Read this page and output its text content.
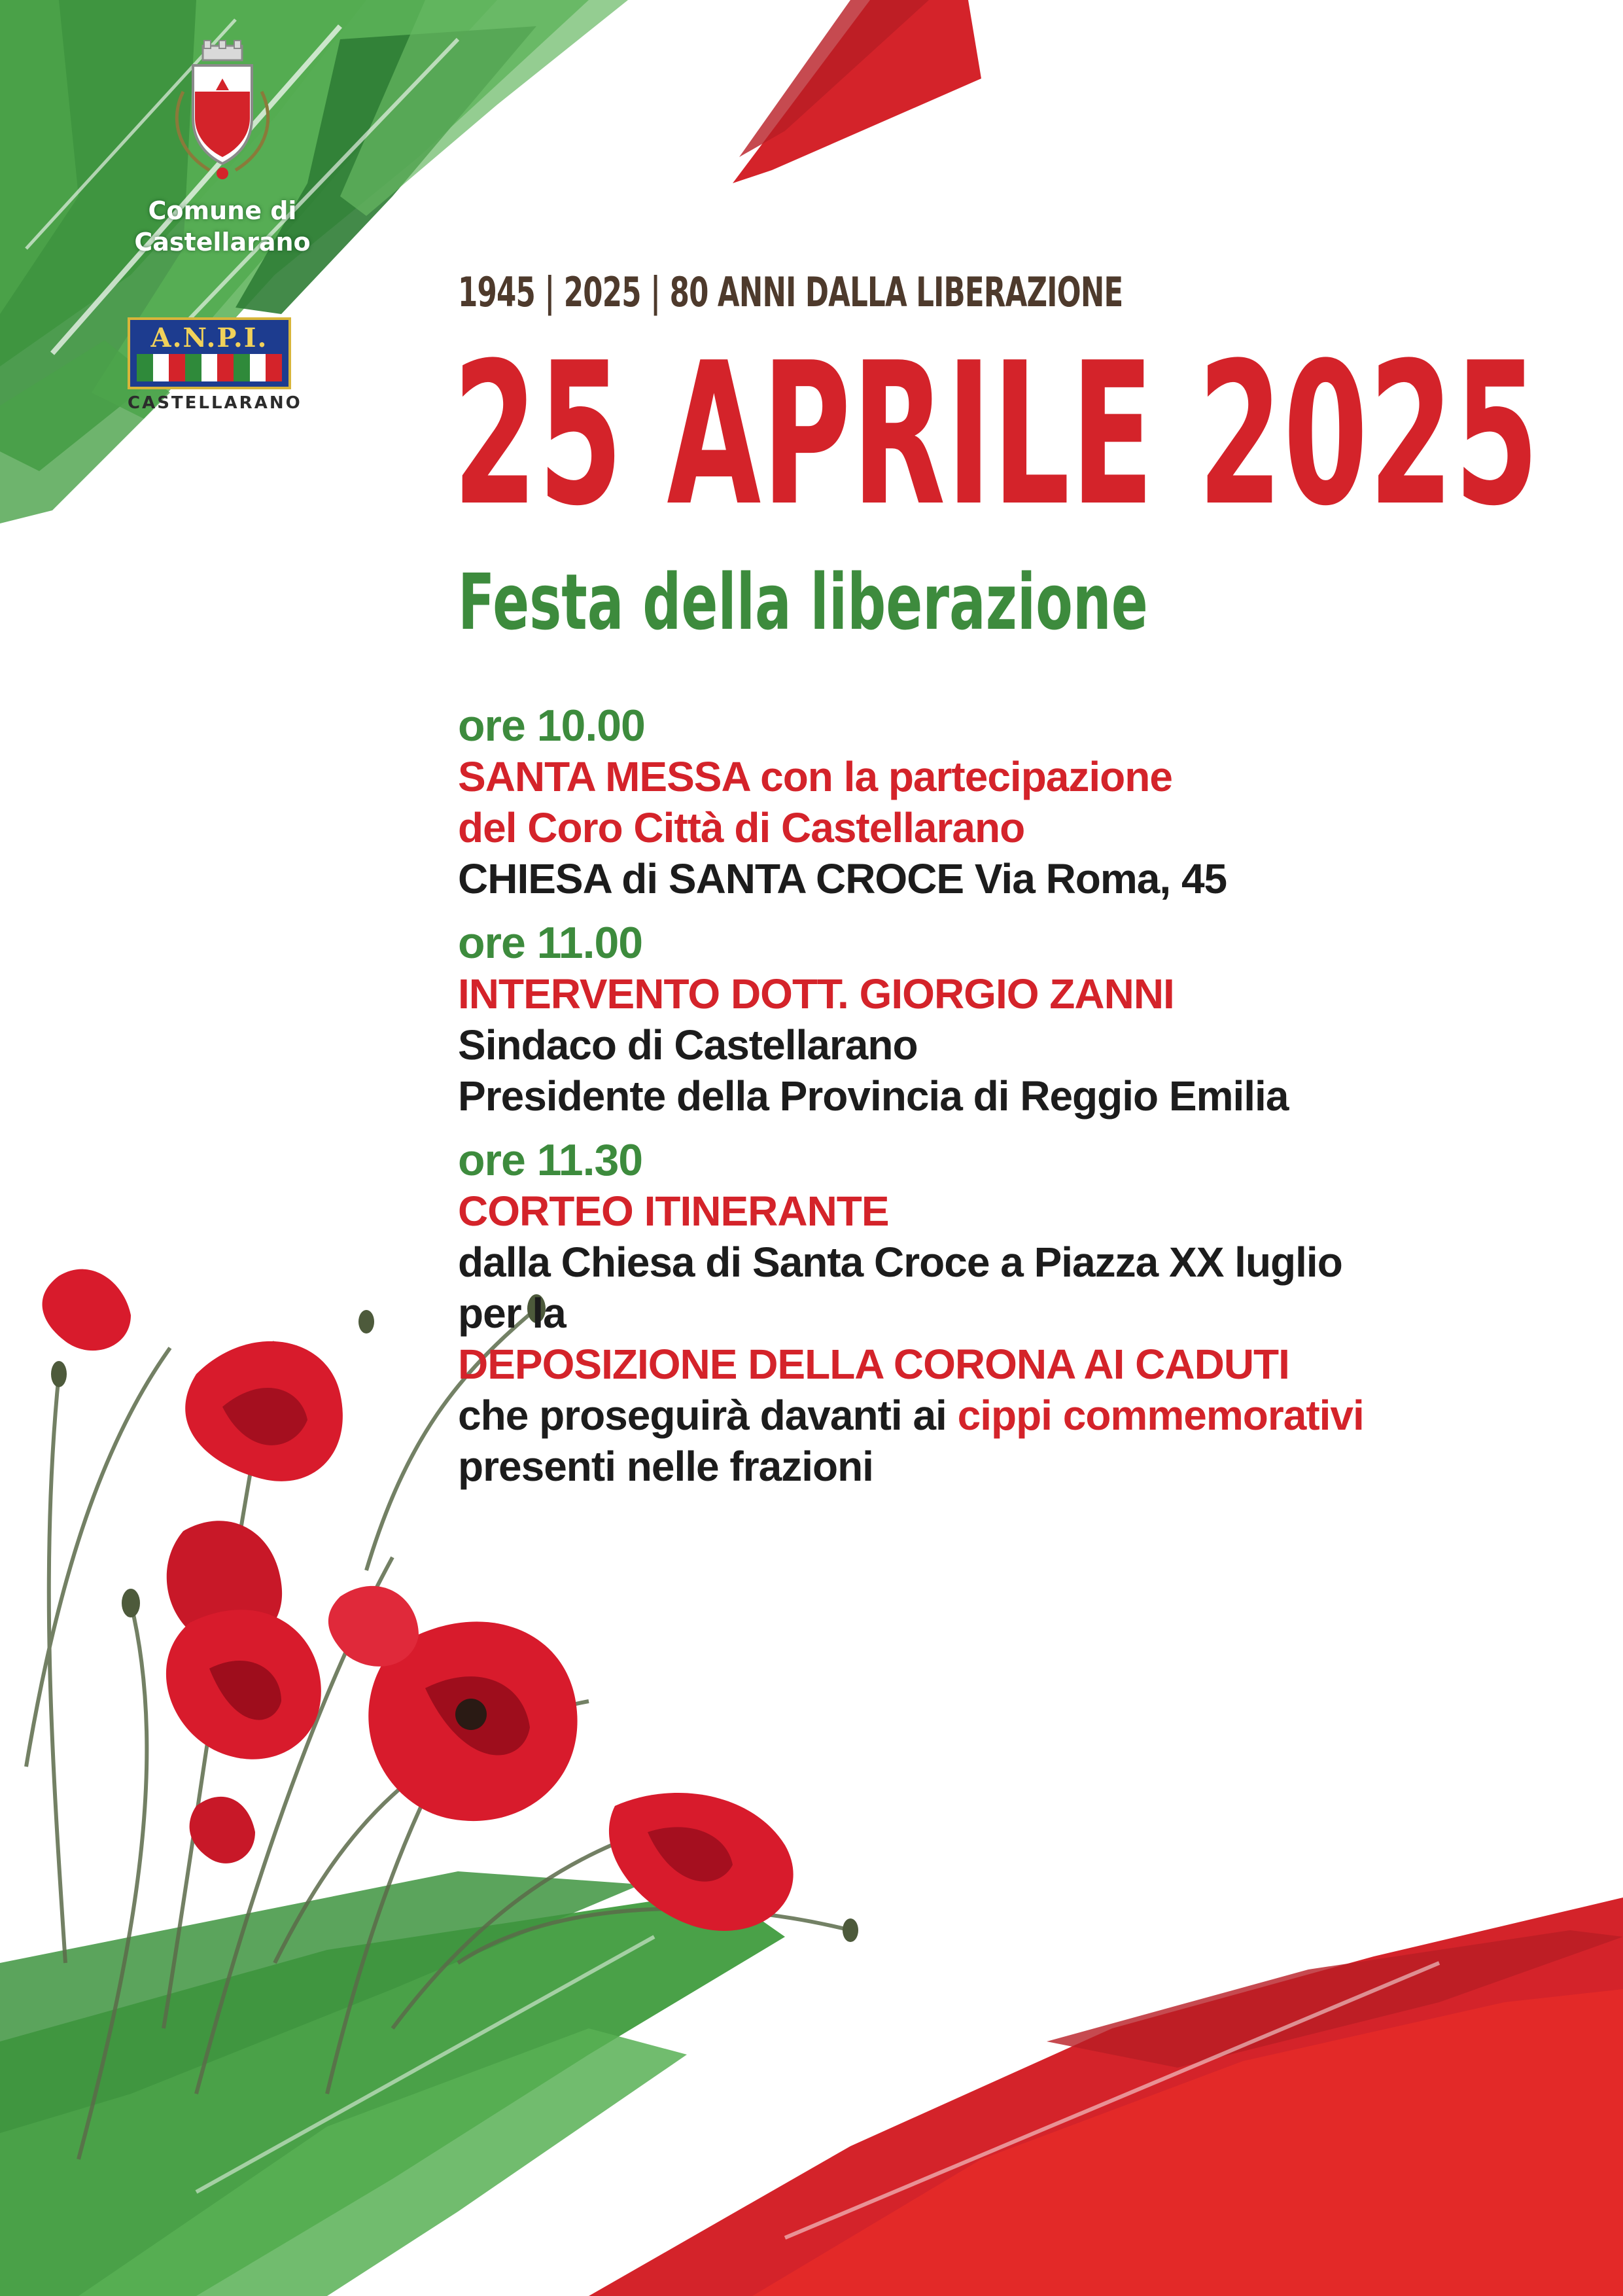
Comune di
Castellarano
A.N.P.I.
CASTELLARANO
1945 | 2025 | 80 ANNI DALLA LIBERAZIONE
25 APRILE 2025
Festa della liberazione
ore 10.00
SANTA MESSA con la partecipazione
del Coro Città di Castellarano
CHIESA di SANTA CROCE Via Roma, 45
ore 11.00
INTERVENTO DOTT. GIORGIO ZANNI
Sindaco di Castellarano
Presidente della Provincia di Reggio Emilia
ore 11.30
CORTEO ITINERANTE
dalla Chiesa di Santa Croce a Piazza XX luglio
per la
DEPOSIZIONE DELLA CORONA AI CADUTI
che proseguirà davanti ai cippi commemorativi
presenti nelle frazioni
